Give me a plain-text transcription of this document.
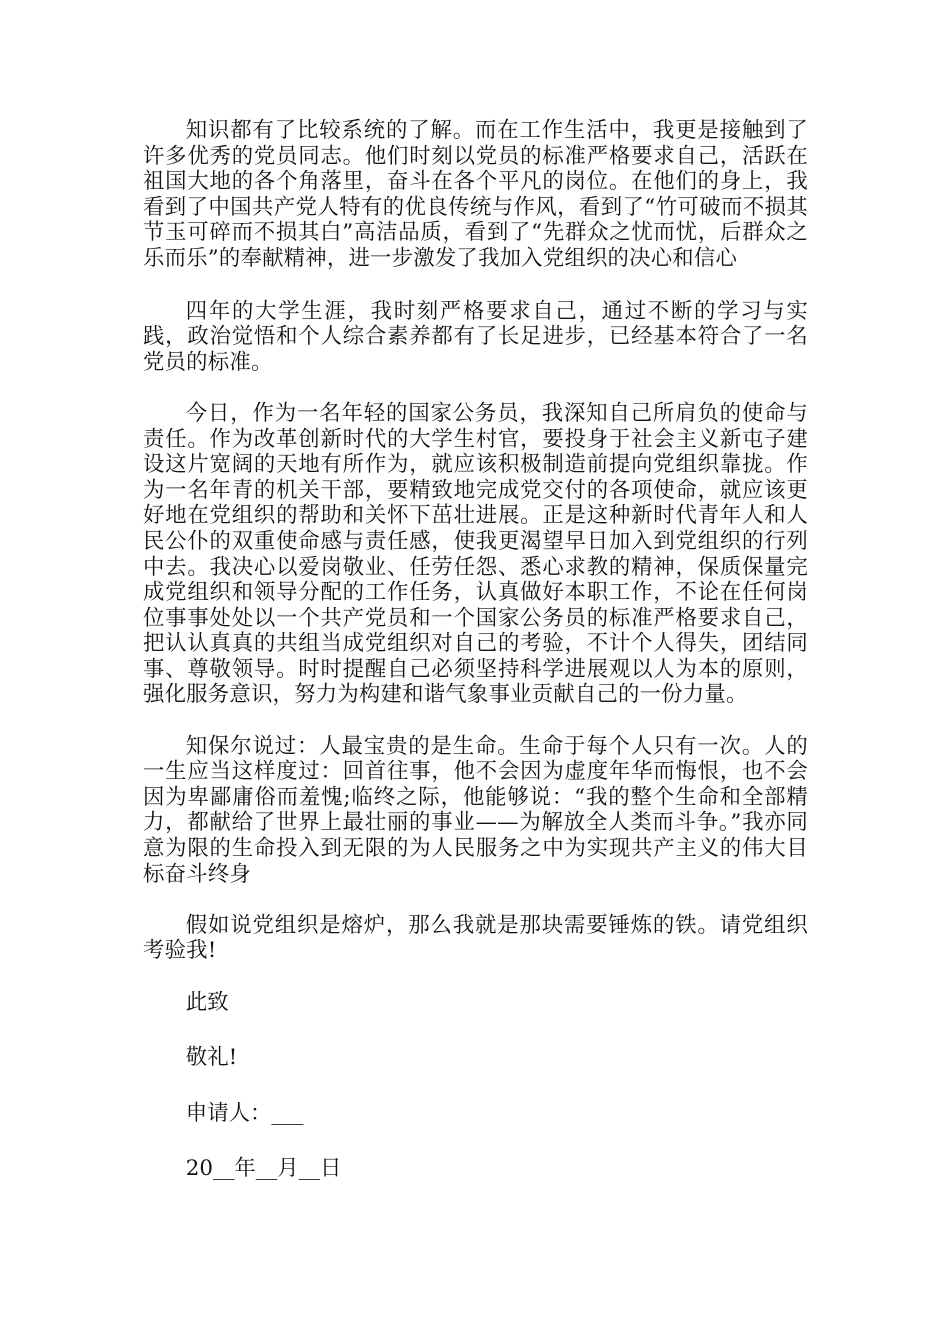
知识都有了比较系统的了解。而在工作生活中，我更是接触到了许多优秀的党员同志。他们时刻以党员的标准严格要求自己，活跃在祖国大地的各个角落里，奋斗在各个平凡的岗位。在他们的身上，我看到了中国共产党人特有的优良传统与作风，看到了“竹可破而不损其节玉可碎而不损其白”高洁品质，看到了“先群众之忧而忧，后群众之乐而乐”的奉献精神，进一步激发了我加入党组织的决心和信心

四年的大学生涯，我时刻严格要求自己，通过不断的学习与实践，政治觉悟和个人综合素养都有了长足进步，已经基本符合了一名党员的标准。

今日，作为一名年轻的国家公务员，我深知自己所肩负的使命与责任。作为改革创新时代的大学生村官，要投身于社会主义新屯子建设这片宽阔的天地有所作为，就应该积极制造前提向党组织靠拢。作为一名年青的机关干部，要精致地完成党交付的各项使命，就应该更好地在党组织的帮助和关怀下茁壮进展。正是这种新时代青年人和人民公仆的双重使命感与责任感，使我更渴望早日加入到党组织的行列中去。我决心以爱岗敬业、任劳任怨、悉心求教的精神，保质保量完成党组织和领导分配的工作任务，认真做好本职工作，不论在任何岗位事事处处以一个共产党员和一个国家公务员的标准严格要求自己，把认认真真的共组当成党组织对自己的考验，不计个人得失，团结同事、尊敬领导。时时提醒自己必须坚持科学进展观以人为本的原则，强化服务意识，努力为构建和谐气象事业贡献自己的一份力量。

知保尔说过：人最宝贵的是生命。生命于每个人只有一次。人的一生应当这样度过：回首往事，他不会因为虚度年华而悔恨，也不会因为卑鄙庸俗而羞愧;临终之际，他能够说：“我的整个生命和全部精力，都献给了世界上最壮丽的事业——为解放全人类而斗争。”我亦同意为限的生命投入到无限的为人民服务之中为实现共产主义的伟大目标奋斗终身

假如说党组织是熔炉，那么我就是那块需要锤炼的铁。请党组织考验我!

此致

敬礼!

申请人：___

20__年__月__日
